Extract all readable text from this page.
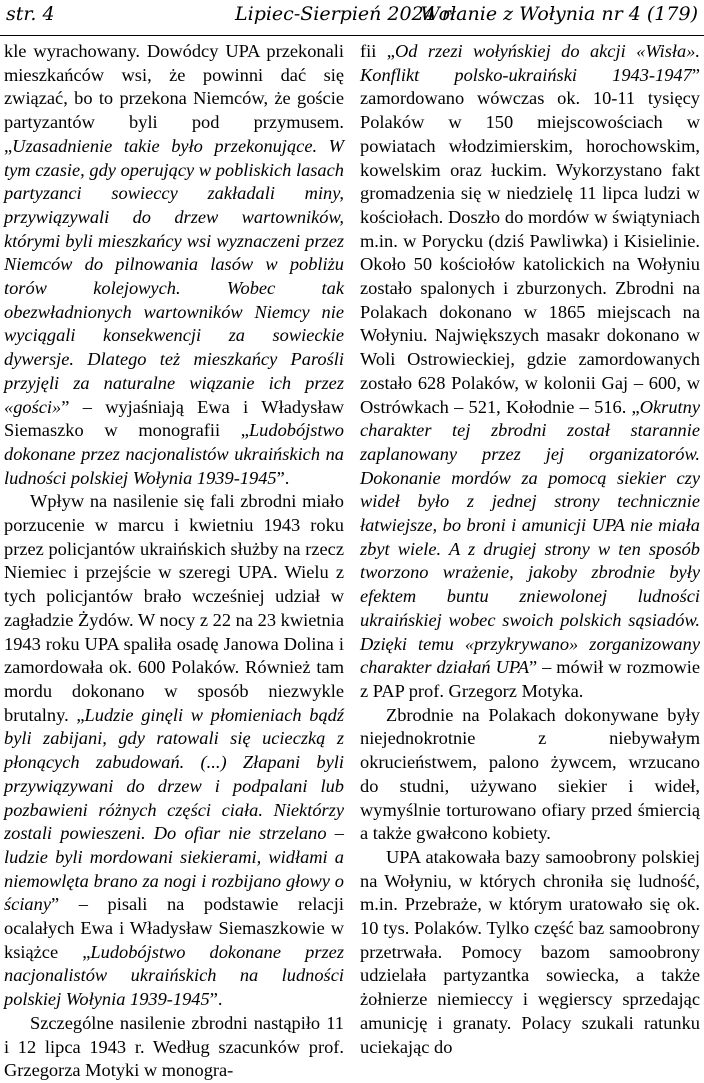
str. 4	Lipiec-Sierpień 2024 r.
Wołanie z Wołynia nr 4 (179)

kle wyrachowany. Dowódcy UPA przekonali mieszkańców wsi, że powinni dać się związać, bo to przekona Niemców, że goście partyzantów byli pod przymusem. „Uzasadnienie takie było przekonujące. W tym czasie, gdy operujący w pobliskich lasach partyzanci sowieccy zakładali miny, przywiązywali do drzew wartowników, którymi byli mieszkańcy wsi wyznaczeni przez Niemców do pilnowania lasów w pobliżu torów kolejowych. Wobec tak obezwładnionych wartowników Niemcy nie wyciągali konsekwencji za sowieckie dywersje. Dlatego też mieszkańcy Parośli przyjęli za naturalne wiązanie ich przez «gości»” – wyjaśniają Ewa i Władysław Siemaszko w monografii „Ludobójstwo dokonane przez nacjonalistów ukraińskich na ludności polskiej Wołynia 1939-1945”.

Wpływ na nasilenie się fali zbrodni miało porzucenie w marcu i kwietniu 1943 roku przez policjantów ukraińskich służby na rzecz Niemiec i przejście w szeregi UPA. Wielu z tych policjantów brało wcześniej udział w zagładzie Żydów. W nocy z 22 na 23 kwietnia 1943 roku UPA spaliła osadę Janowa Dolina i zamordowała ok. 600 Polaków. Również tam mordu dokonano w sposób niezwykle brutalny. „Ludzie ginęli w płomieniach bądź byli zabijani, gdy ratowali się ucieczką z płonących zabudowań. (...) Złapani byli przywiązywani do drzew i podpalani lub pozbawieni różnych części ciała. Niektórzy zostali powieszeni. Do ofiar nie strzelano – ludzie byli mordowani siekierami, widłami a niemowlęta brano za nogi i rozbijano głowy o ściany” – pisali na podstawie relacji ocalałych Ewa i Władysław Siemaszkowie w książce „Ludobójstwo dokonane przez nacjonalistów ukraińskich na ludności polskiej Wołynia 1939-1945”.

Szczególne nasilenie zbrodni nastąpiło 11 i 12 lipca 1943 r. Według szacunków prof. Grzegorza Motyki w monogra-

fii „Od rzezi wołyńskiej do akcji «Wisła». Konflikt polsko-ukraiński 1943-1947” zamordowano wówczas ok. 10-11 tysięcy Polaków w 150 miejscowościach w powiatach włodzimierskim, horochowskim, kowelskim oraz łuckim. Wykorzystano fakt gromadzenia się w niedzielę 11 lipca ludzi w kościołach. Doszło do mordów w świątyniach m.in. w Porycku (dziś Pawliwka) i Kisielinie. Około 50 kościołów katolickich na Wołyniu zostało spalonych i zburzonych. Zbrodni na Polakach dokonano w 1865 miejscach na Wołyniu. Największych masakr dokonano w Woli Ostrowieckiej, gdzie zamordowanych zostało 628 Polaków, w kolonii Gaj – 600, w Ostrówkach – 521, Kołodnie – 516. „Okrutny charakter tej zbrodni został starannie zaplanowany przez jej organizatorów. Dokonanie mordów za pomocą siekier czy wideł było z jednej strony technicznie łatwiejsze, bo broni i amunicji UPA nie miała zbyt wiele. A z drugiej strony w ten sposób tworzono wrażenie, jakoby zbrodnie były efektem buntu zniewolonej ludności ukraińskiej wobec swoich polskich sąsiadów. Dzięki temu «przykrywano» zorganizowany charakter działań UPA” – mówił w rozmowie z PAP prof. Grzegorz Motyka.

Zbrodnie na Polakach dokonywane były niejednokrotnie z niebywałym okrucieństwem, palono żywcem, wrzucano do studni, używano siekier i wideł, wymyślnie torturowano ofiary przed śmiercią a także gwałcono kobiety.

UPA atakowała bazy samoobrony polskiej na Wołyniu, w których chroniła się ludność, m.in. Przebraże, w którym uratowało się ok. 10 tys. Polaków. Tylko część baz samoobrony przetrwała. Pomocy bazom samoobrony udzielała partyzantka sowiecka, a także żołnierze niemieccy i węgierscy sprzedając amunicję i granaty. Polacy szukali ratunku uciekając do
